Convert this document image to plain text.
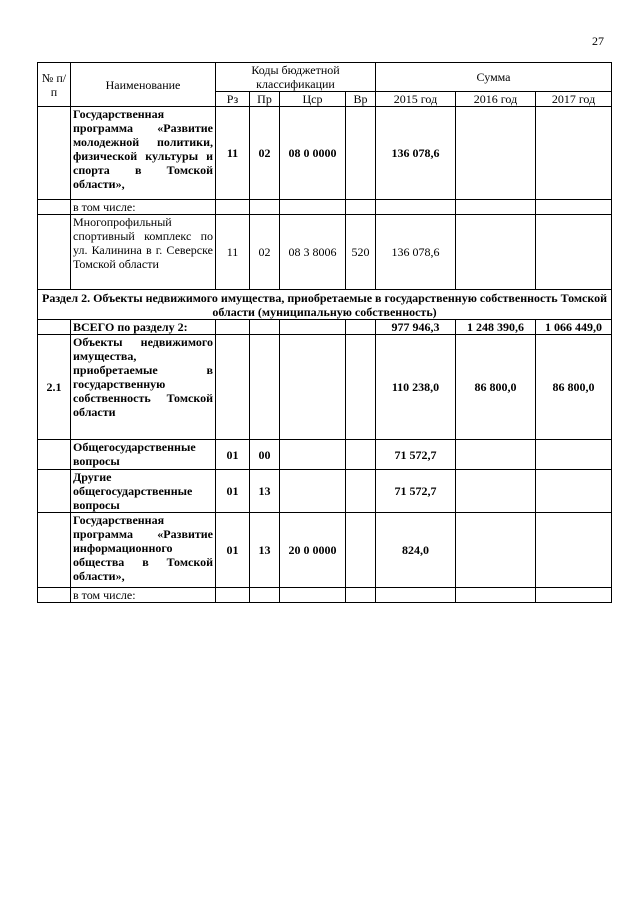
27
№ п/п	Наименование	Коды бюджетной классификации				Сумма		
		Рз	Пр	Цср	Вр	2015 год	2016 год	2017 год
	Государственная программа «Развитие молодежной политики, физической культуры и спорта в Томской области»,	11	02	08 0 0000		136 078,6		
	в том числе:							
	Многопрофильный спортивный комплекс по ул. Калинина в г. Северске Томской области	11	02	08 3 8006	520	136 078,6		
Раздел 2. Объекты недвижимого имущества, приобретаемые в государственную собственность Томской области (муниципальную собственность)								
	ВСЕГО по разделу 2:					977 946,3	1 248 390,6	1 066 449,0
2.1	Объекты недвижимого имущества, приобретаемые в государственную собственность Томской области					110 238,0	86 800,0	86 800,0
	Общегосударственные вопросы	01	00			71 572,7		
	Другие общегосударственные вопросы	01	13			71 572,7		
	Государственная программа «Развитие информационного общества в Томской области»,	01	13	20 0 0000		824,0		
	в том числе:							
